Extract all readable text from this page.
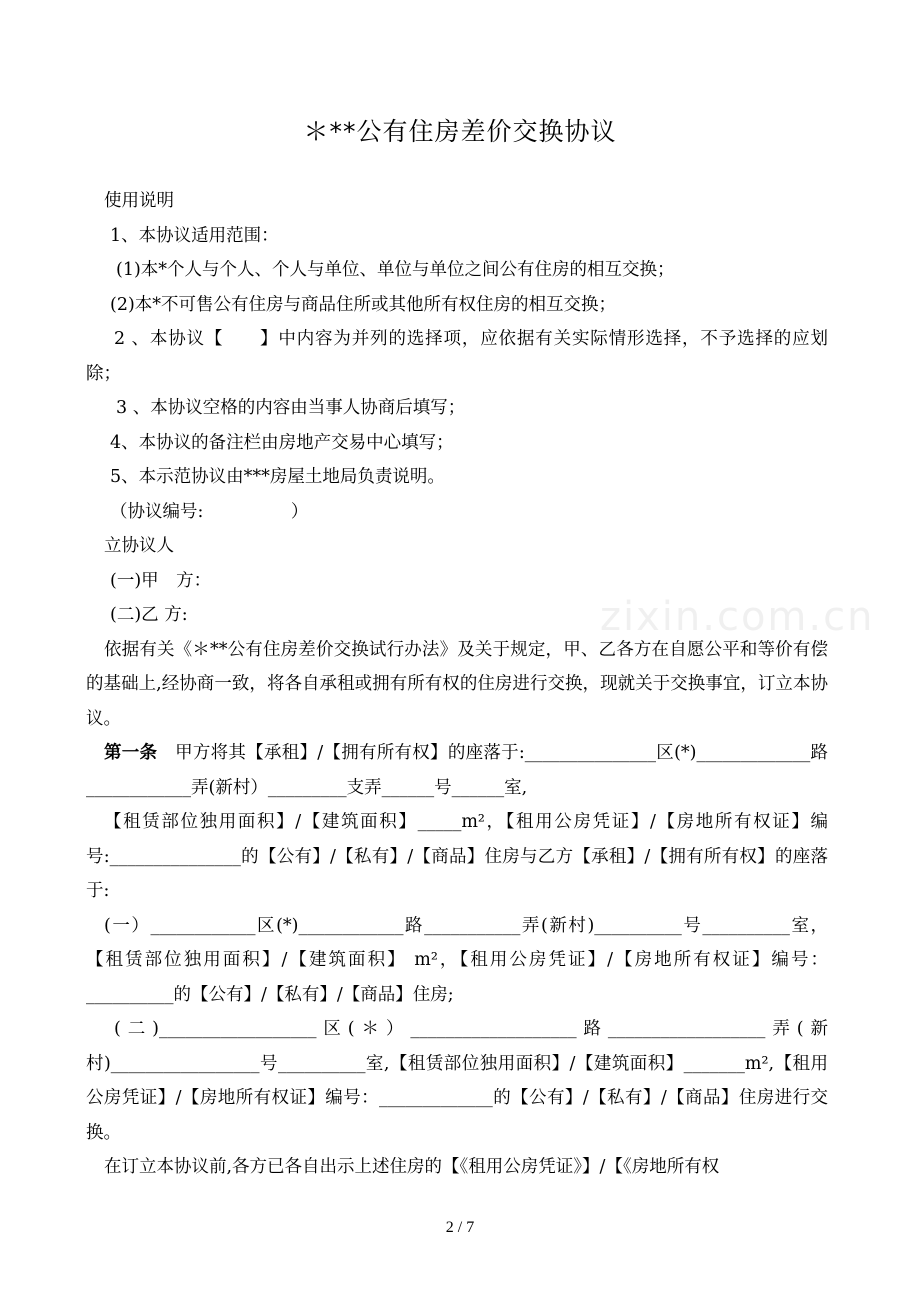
＊**公有住房差价交换协议
zixin.com.cn

使用说明

1、本协议适用范围：

(1)本*个人与个人、个人与单位、单位与单位之间公有住房的相互交换；

(2)本*不可售公有住房与商品住所或其他所有权住房的相互交换；

2 、本协议【　　】中内容为并列的选择项，应依据有关实际情形选择，不予选择的应划除；

3 、本协议空格的内容由当事人协商后填写；

4、本协议的备注栏由房地产交易中心填写；

5、本示范协议由***房屋土地局负责说明。

（协议编号:　　　　　）

立协议人

(一)甲　方：

(二)乙 方:

依据有关《＊**公有住房差价交换试行办法》及关于规定，甲、乙各方在自愿公平和等价有偿的基础上,经协商一致，将各自承租或拥有所有权的住房进行交换，现就关于交换事宜，订立本协议。

第一条　 甲方将其【承租】/【拥有所有权】的座落于:_______________区(*)_____________路____________弄(新村）_________支弄______号______室,

【租赁部位独用面积】/【建筑面积】_____m²，【租用公房凭证】/【房地所有权证】编号:_______________的【公有】/【私有】/【商品】住房与乙方【承租】/【拥有所有权】的座落于:

(一）____________区(*)____________路___________弄(新村)__________号__________室，【租赁部位独用面积】/【建筑面积】 m²，【租用公房凭证】/【房地所有权证】编号：__________的【公有】/【私有】/【商品】住房;

(二)__________________区(＊）___________________路__________________弄(新村)_________________号__________室,【租赁部位独用面积】/【建筑面积】_______m²,【租用公房凭证】/【房地所有权证】编号：_____________的【公有】/【私有】/【商品】住房进行交换。

在订立本协议前,各方已各自出示上述住房的【《租用公房凭证》】/【《房地所有权

2 / 7
